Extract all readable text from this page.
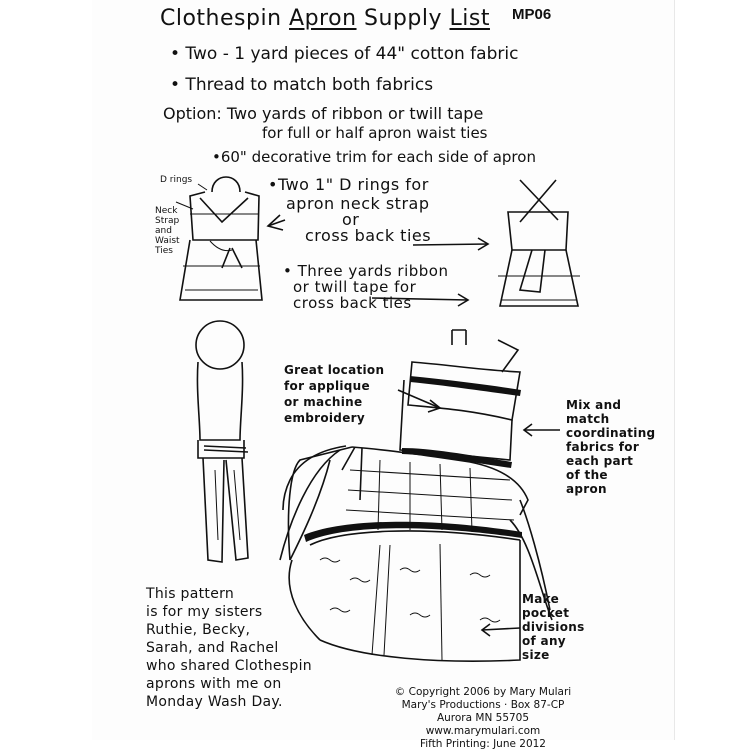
Clothespin Apron Supply List MP06
• Two - 1 yard pieces of 44" cotton fabric
• Thread to match both fabrics
Option: Two yards of ribbon or twill tape
for full or half apron waist ties
•60" decorative trim for each side of apron
D rings
Neck
Strap
and
Waist
Ties
•Two 1" D rings for
apron neck strap
or
cross back ties
• Three yards ribbon
or twill tape for
cross back ties
Great location
for applique
or machine
embroidery
Mix and
match
coordinating
fabrics for
each part
of the
apron
Make
pocket
divisions
of any
size
This pattern
is for my sisters
Ruthie, Becky,
Sarah, and Rachel
who shared Clothespin
aprons with me on
Monday Wash Day.
© Copyright 2006 by Mary Mulari
Mary's Productions · Box 87-CP
Aurora MN 55705
www.marymulari.com
Fifth Printing: June 2012
